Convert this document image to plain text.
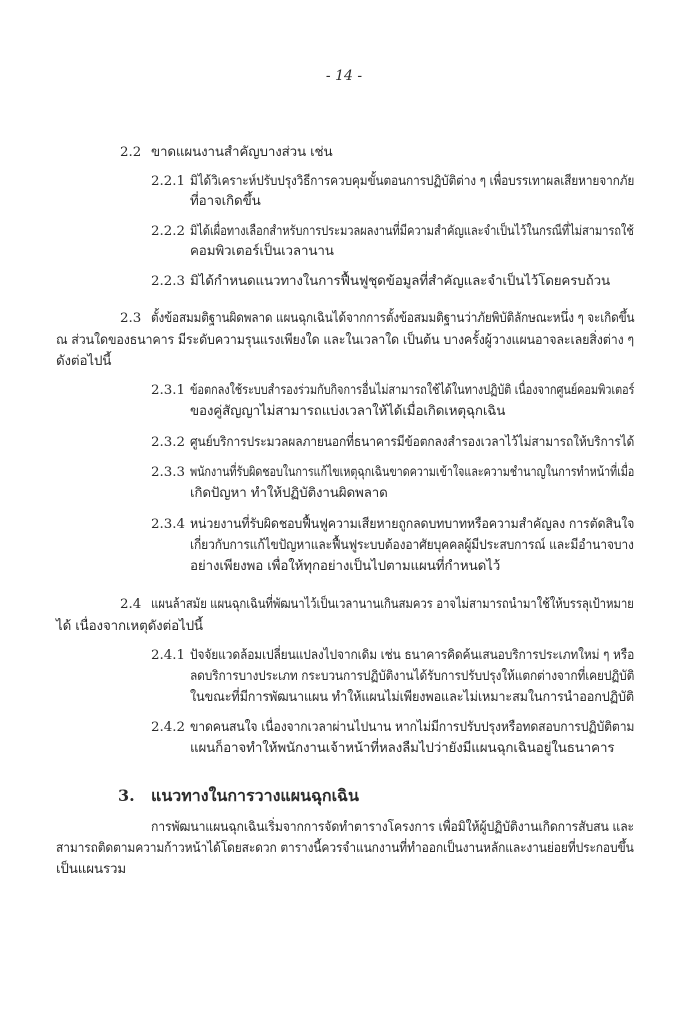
- 14 -
2.2 ขาดแผนงานสำคัญบางส่วน เช่น
2.2.1 มิได้วิเคราะห์ปรับปรุงวิธีการควบคุมขั้นตอนการปฏิบัติต่าง ๆ เพื่อบรรเทาผลเสียหายจากภัย
ที่อาจเกิดขึ้น
2.2.2 มิได้เผื่อทางเลือกสำหรับการประมวลผลงานที่มีความสำคัญและจำเป็นไว้ในกรณีที่ไม่สามารถใช้
คอมพิวเตอร์เป็นเวลานาน
2.2.3 มิได้กำหนดแนวทางในการฟื้นฟูชุดข้อมูลที่สำคัญและจำเป็นไว้โดยครบถ้วน
2.3 ตั้งข้อสมมติฐานผิดพลาด แผนฉุกเฉินได้จากการตั้งข้อสมมติฐานว่าภัยพิบัติลักษณะหนึ่ง ๆ จะเกิดขึ้น
ณ ส่วนใดของธนาคาร มีระดับความรุนแรงเพียงใด และในเวลาใด เป็นต้น บางครั้งผู้วางแผนอาจละเลยสิ่งต่าง ๆ
ดังต่อไปนี้
2.3.1 ข้อตกลงใช้ระบบสำรองร่วมกับกิจการอื่นไม่สามารถใช้ได้ในทางปฏิบัติ เนื่องจากศูนย์คอมพิวเตอร์
ของคู่สัญญาไม่สามารถแบ่งเวลาให้ได้เมื่อเกิดเหตุฉุกเฉิน
2.3.2 ศูนย์บริการประมวลผลภายนอกที่ธนาคารมีข้อตกลงสำรองเวลาไว้ไม่สามารถให้บริการได้
2.3.3 พนักงานที่รับผิดชอบในการแก้ไขเหตุฉุกเฉินขาดความเข้าใจและความชำนาญในการทำหน้าที่เมื่อ
เกิดปัญหา ทำให้ปฏิบัติงานผิดพลาด
2.3.4 หน่วยงานที่รับผิดชอบฟื้นฟูความเสียหายถูกลดบทบาทหรือความสำคัญลง การตัดสินใจ
เกี่ยวกับการแก้ไขปัญหาและฟื้นฟูระบบต้องอาศัยบุคคลผู้มีประสบการณ์ และมีอำนาจบาง
อย่างเพียงพอ เพื่อให้ทุกอย่างเป็นไปตามแผนที่กำหนดไว้
2.4 แผนล้าสมัย แผนฉุกเฉินที่พัฒนาไว้เป็นเวลานานเกินสมควร อาจไม่สามารถนำมาใช้ให้บรรลุเป้าหมาย
ได้ เนื่องจากเหตุดังต่อไปนี้
2.4.1 ปัจจัยแวดล้อมเปลี่ยนแปลงไปจากเดิม เช่น ธนาคารคิดค้นเสนอบริการประเภทใหม่ ๆ หรือ
ลดบริการบางประเภท กระบวนการปฏิบัติงานได้รับการปรับปรุงให้แตกต่างจากที่เคยปฏิบัติ
ในขณะที่มีการพัฒนาแผน ทำให้แผนไม่เพียงพอและไม่เหมาะสมในการนำออกปฏิบัติ
2.4.2 ขาดคนสนใจ เนื่องจากเวลาผ่านไปนาน หากไม่มีการปรับปรุงหรือทดสอบการปฏิบัติตาม
แผนก็อาจทำให้พนักงานเจ้าหน้าที่หลงลืมไปว่ายังมีแผนฉุกเฉินอยู่ในธนาคาร
3. แนวทางในการวางแผนฉุกเฉิน
การพัฒนาแผนฉุกเฉินเริ่มจากการจัดทำตารางโครงการ เพื่อมิให้ผู้ปฏิบัติงานเกิดการสับสน และ
สามารถติดตามความก้าวหน้าได้โดยสะดวก ตารางนี้ควรจำแนกงานที่ทำออกเป็นงานหลักและงานย่อยที่ประกอบขึ้น
เป็นแผนรวม
